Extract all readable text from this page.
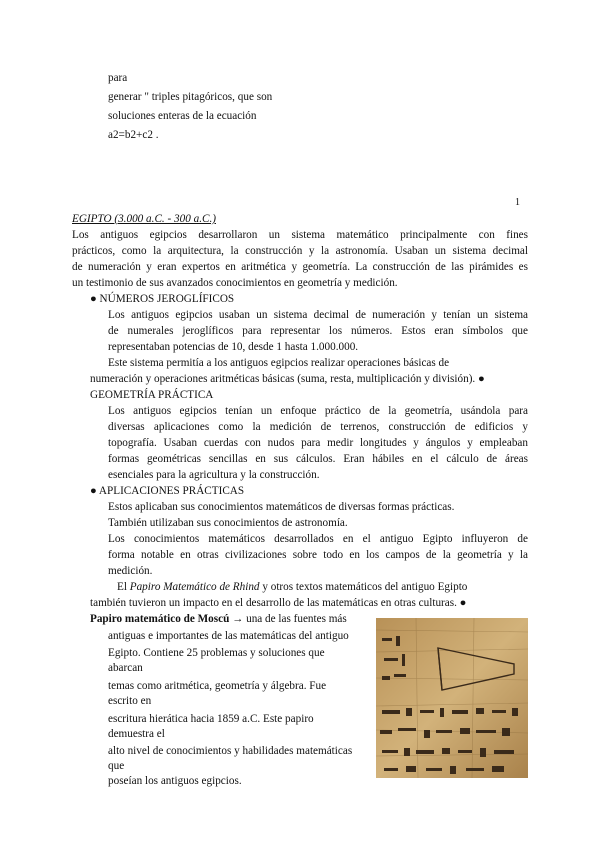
para
generar " triples pitagóricos, que son
soluciones enteras de la ecuación
a2=b2+c2 .
1
EGIPTO (3.000 a.C. - 300 a.C.)
Los antiguos egipcios desarrollaron un sistema matemático principalmente con fines
prácticos, como la arquitectura, la construcción y la astronomía. Usaban un sistema decimal
de numeración y eran expertos en aritmética y geometría. La construcción de las pirámides es
un testimonio de sus avanzados conocimientos en geometría y medición.
● NÚMEROS JEROGLÍFICOS
Los antiguos egipcios usaban un sistema decimal de numeración y tenían un sistema
de numerales jeroglíficos para representar los números. Estos eran símbolos que
representaban potencias de 10, desde 1 hasta 1.000.000.
Este sistema permitía a los antiguos egipcios realizar operaciones básicas de
numeración y operaciones aritméticas básicas (suma, resta, multiplicación y división). ●
GEOMETRÍA PRÁCTICA
Los antiguos egipcios tenían un enfoque práctico de la geometría, usándola para
diversas aplicaciones como la medición de terrenos, construcción de edificios y
topografía. Usaban cuerdas con nudos para medir longitudes y ángulos y empleaban
formas geométricas sencillas en sus cálculos. Eran hábiles en el cálculo de áreas
esenciales para la agricultura y la construcción.
● APLICACIONES PRÁCTICAS
Estos aplicaban sus conocimientos matemáticos de diversas formas prácticas.
También utilizaban sus conocimientos de astronomía.
Los conocimientos matemáticos desarrollados en el antiguo Egipto influyeron de
forma notable en otras civilizaciones sobre todo en los campos de la geometría y la
medición.
El Papiro Matemático de Rhind y otros textos matemáticos del antiguo Egipto
también tuvieron un impacto en el desarrollo de las matemáticas en otras culturas. ●
Papiro matemático de Moscú → una de las fuentes más
antiguas e importantes de las matemáticas del antiguo
Egipto. Contiene 25 problemas y soluciones que
abarcan
temas como aritmética, geometría y álgebra. Fue
escrito en
escritura hierática hacia 1859 a.C. Este papiro
demuestra el
alto nivel de conocimientos y habilidades matemáticas
que
poseían los antiguos egipcios.
